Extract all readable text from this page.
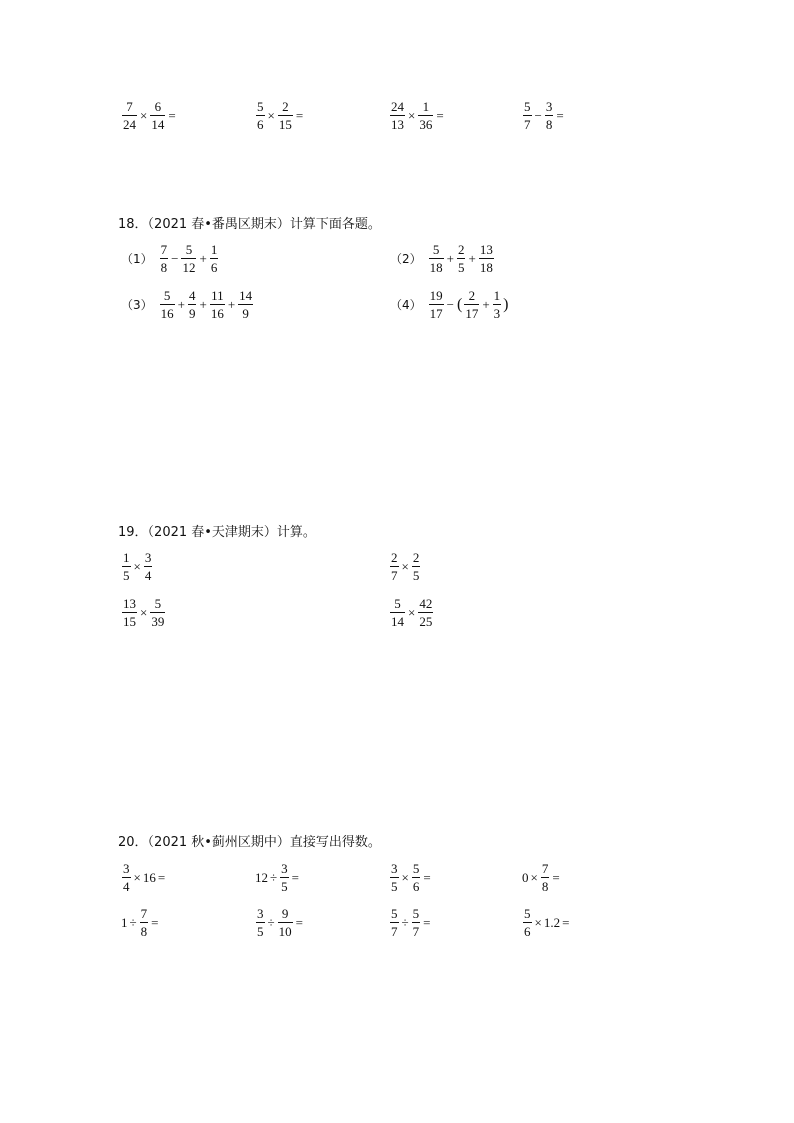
$\frac{7}{24} \times \frac{6}{14}$ =	$\frac{5}{6} \times \frac{2}{15}$ =	$\frac{24}{13} \times \frac{1}{36}$ =	$\frac{5}{7} - \frac{3}{8}$ =
18．（2021 春•番禺区期末）计算下面各题。
$(1) \frac{7}{8} - \frac{5}{12} + \frac{1}{6}$	$(2) \frac{5}{18} + \frac{2}{5} + \frac{13}{18}$
$(3) \frac{5}{16} + \frac{4}{9} + \frac{11}{16} + \frac{14}{9}$	$(4) \frac{19}{17}$ − ( $\frac{2}{17} + \frac{1}{3}$ )
19．（2021 春•天津期末）计算。
$\frac{1}{5} \times \frac{3}{4}$	$\frac{2}{7} \times \frac{2}{5}$
$\frac{13}{15} \times \frac{5}{39}$	$\frac{5}{14} \times \frac{42}{25}$
20．（2021 秋•蓟州区期中）直接写出得数。
$\frac{3}{4} \times 16$ =	$12 \div \frac{3}{5}$ =	$\frac{3}{5} \times \frac{5}{6}$ =	$0 \times \frac{7}{8}$ =
$1 \div \frac{7}{8}$ =	$\frac{3}{5} \div \frac{9}{10}$ =	$\frac{5}{7} \div \frac{5}{7}$ =	$\frac{5}{6} \times 1.2$ =
